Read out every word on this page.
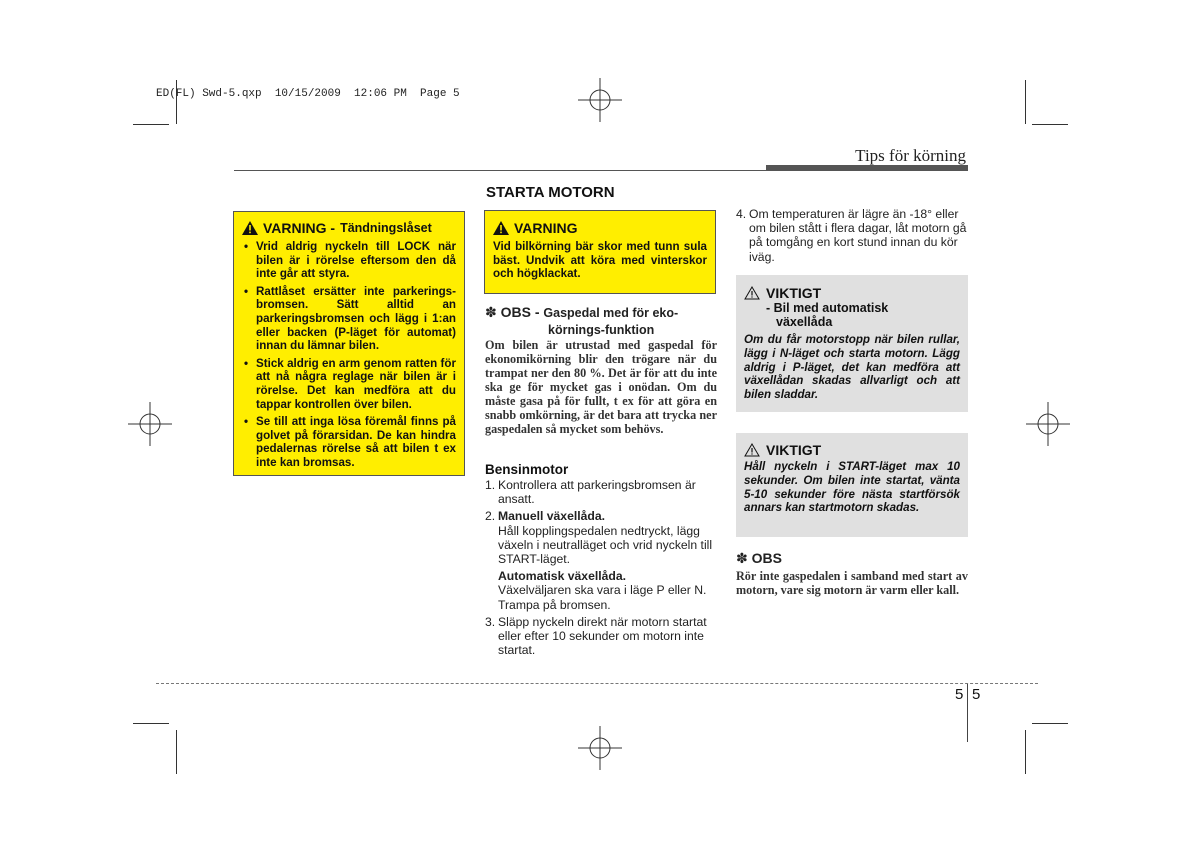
ED(FL) Swd-5.qxp  10/15/2009  12:06 PM  Page 5
Tips för körning
STARTA MOTORN
VARNING - Tändningslåset
• Vrid aldrig nyckeln till LOCK när bilen är i rörelse eftersom den då inte går att styra.
• Rattlåset ersätter inte parkerings-bromsen. Sätt alltid an parkeringsbromsen och lägg i 1:an eller backen (P-läget för automat) innan du lämnar bilen.
• Stick aldrig en arm genom ratten för att nå några reglage när bilen är i rörelse. Det kan medföra att du tappar kontrollen över bilen.
• Se till att inga lösa föremål finns på golvet på förarsidan. De kan hindra pedalernas rörelse så att bilen t ex inte kan bromsas.
VARNING
Vid bilkörning bär skor med tunn sula bäst. Undvik att köra med vinterskor och högklackat.
✽ OBS - Gaspedal med för eko-
körnings-funktion
Om bilen är utrustad med gaspedal för ekonomikörning blir den trögare när du trampat ner den 80 %. Det är för att du inte ska ge för mycket gas i onödan. Om du måste gasa på för fullt, t ex för att göra en snabb omkörning, är det bara att trycka ner gaspedalen så mycket som behövs.
Bensinmotor
1. Kontrollera att parkeringsbromsen är ansatt.
2. Manuell växellåda.
Håll kopplingspedalen nedtryckt, lägg växeln i neutralläget och vrid nyckeln till START-läget.
Automatisk växellåda.
Växelväljaren ska vara i läge P eller N. Trampa på bromsen.
3. Släpp nyckeln direkt när motorn startat eller efter 10 sekunder om motorn inte startat.
4. Om temperaturen är lägre än -18° eller om bilen stått i flera dagar, låt motorn gå på tomgång en kort stund innan du kör iväg.
VIKTIGT
- Bil med automatisk
växellåda
Om du får motorstopp när bilen rullar, lägg i N-läget och starta motorn. Lägg aldrig i P-läget, det kan medföra att växellådan skadas allvarligt och att bilen sladdar.
VIKTIGT
Håll nyckeln i START-läget max 10 sekunder. Om bilen inte startat, vänta 5-10 sekunder före nästa startförsök annars kan startmotorn skadas.
✽ OBS
Rör inte gaspedalen i samband med start av motorn, vare sig motorn är varm eller kall.
5 5
